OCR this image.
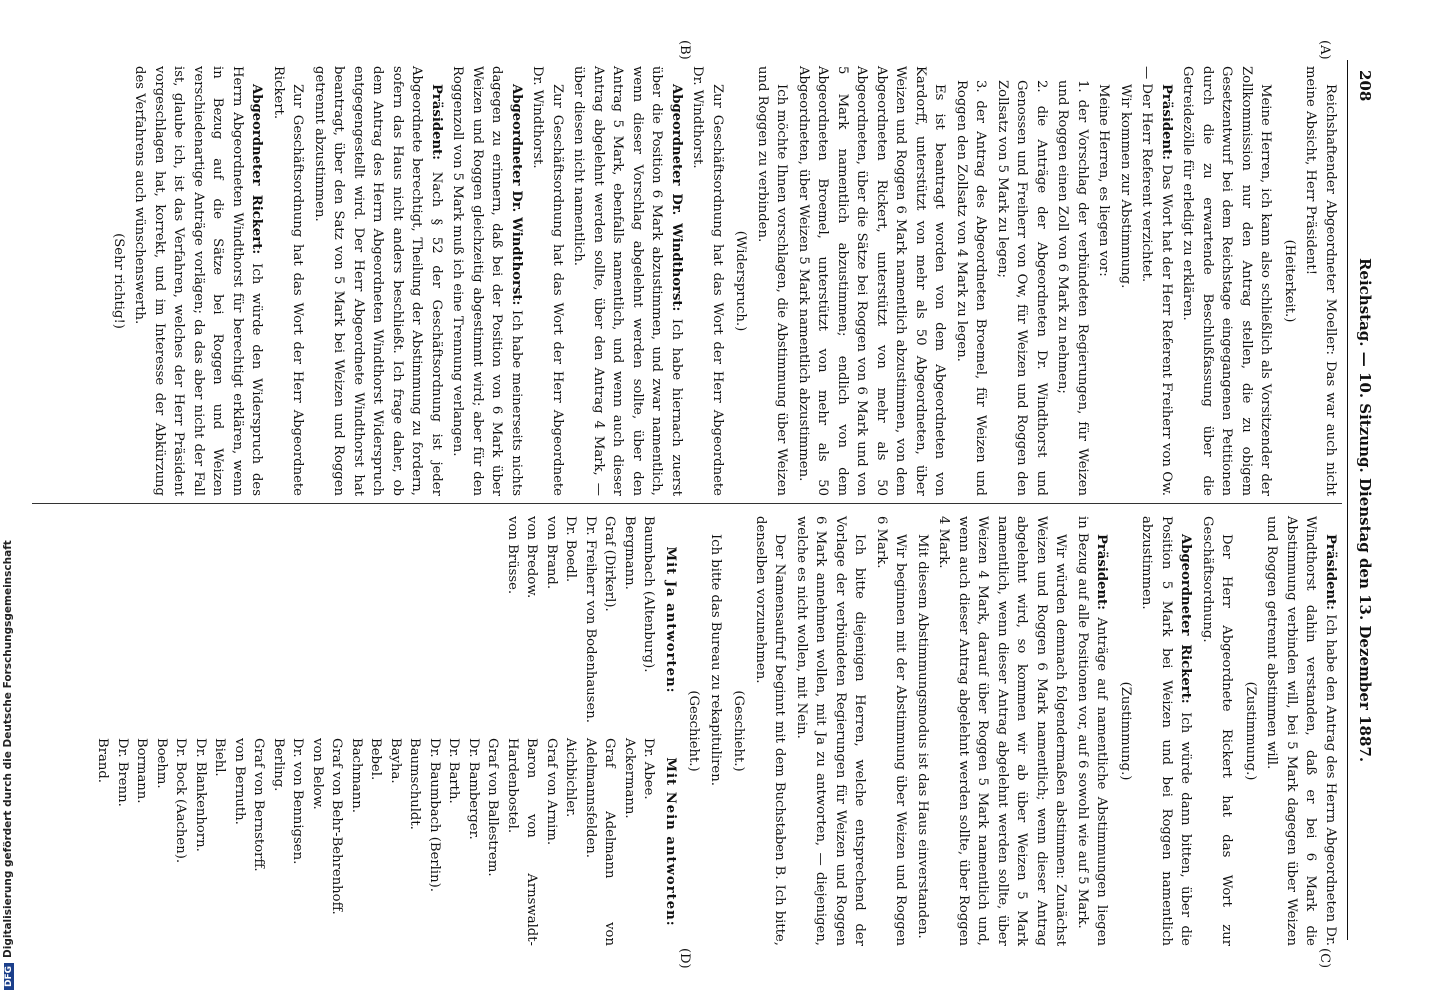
208
Reichstag. — 10. Sitzung. Dienstag den 13. Dezember 1887.
(A)
(B)
(C)
(D)

Reichshaftender Abgeordneter Moeller: Das war auch nicht meine Absicht, Herr Präsident!

(Heiterkeit.)

Meine Herren, ich kann also schließlich als Vorsitzender der Zollkommission nur den Antrag stellen, die zu obigem Gesetzentwurf bei dem Reichstage eingegangenen Petitionen durch die zu erwartende Beschlußfassung über die Getreidezölle für erledigt zu erklären.

Präsident: Das Wort hat der Herr Referent Freiherr von Ow. — Der Herr Referent verzichtet.

Wir kommen zur Abstimmung.

Meine Herren, es liegen vor:

1. der Vorschlag der verbündeten Regierungen, für Weizen und Roggen einen Zoll von 6 Mark zu nehmen;

2. die Anträge der Abgeordneten Dr. Windthorst und Genossen und Freiherr von Ow, für Weizen und Roggen den Zollsatz von 5 Mark zu legen;

3. der Antrag des Abgeordneten Broemel, für Weizen und Roggen den Zollsatz von 4 Mark zu legen.

Es ist beantragt worden von dem Abgeordneten von Kardorff, unterstützt von mehr als 50 Abgeordneten, über Weizen und Roggen 6 Mark namentlich abzustimmen, von dem Abgeordneten Rickert, unterstützt von mehr als 50 Abgeordneten, über die Sätze bei Roggen von 6 Mark und von 5 Mark namentlich abzustimmen; endlich von dem Abgeordneten Broemel, unterstützt von mehr als 50 Abgeordneten, über Weizen 5 Mark namentlich abzustimmen.

Ich möchte Ihnen vorschlagen, die Abstimmung über Weizen und Roggen zu verbinden.

(Widerspruch.)

Zur Geschäftsordnung hat das Wort der Herr Abgeordnete Dr. Windthorst.

Abgeordneter Dr. Windthorst: Ich habe hiernach zuerst über die Position 6 Mark abzustimmen, und zwar namentlich, wenn dieser Vorschlag abgelehnt werden sollte, über den Antrag 5 Mark, ebenfalls namentlich, und wenn auch dieser Antrag abgelehnt werden sollte, über den Antrag 4 Mark, — über diesen nicht namentlich.

Zur Geschäftsordnung hat das Wort der Herr Abgeordnete Dr. Windthorst.

Abgeordneter Dr. Windthorst: Ich habe meinerseits nichts dagegen zu erinnern, daß bei der Position von 6 Mark über Weizen und Roggen gleichzeitig abgestimmt wird; aber für den Roggenzoll von 5 Mark muß ich eine Trennung verlangen.

Präsident: Nach § 52 der Geschäftsordnung ist jeder Abgeordnete berechtigt, Theilung der Abstimmung zu fordern, sofern das Haus nicht anders beschließt. Ich frage daher, ob dem Antrag des Herrn Abgeordneten Windthorst Widerspruch entgegengestellt wird. Der Herr Abgeordnete Windthorst hat beantragt, über den Satz von 5 Mark bei Weizen und Roggen getrennt abzustimmen.

Zur Geschäftsordnung hat das Wort der Herr Abgeordnete Rickert.

Abgeordneter Rickert: Ich würde den Widerspruch des Herrn Abgeordneten Windthorst für berechtigt erklären, wenn in Bezug auf die Sätze bei Roggen und Weizen verschiedenartige Anträge vorlägen; da das aber nicht der Fall ist, glaube ich, ist das Verfahren, welches der Herr Präsident vorgeschlagen hat, korrekt, und im Interesse der Abkürzung des Verfahrens auch wünschenswerth.

(Sehr richtig!)

Präsident: Ich habe den Antrag des Herrn Abgeordneten Dr. Windthorst dahin verstanden, daß er bei 6 Mark die Abstimmung verbinden will, bei 5 Mark dagegen über Weizen und Roggen getrennt abstimmen will.

(Zustimmung.)

Der Herr Abgeordnete Rickert hat das Wort zur Geschäftsordnung.

Abgeordneter Rickert: Ich würde dann bitten, über die Position 5 Mark bei Weizen und bei Roggen namentlich abzustimmen.

(Zustimmung.)

Präsident: Anträge auf namentliche Abstimmungen liegen in Bezug auf alle Positionen vor, auf 6 sowohl wie auf 5 Mark.

Wir würden demnach folgendermaßen abstimmen: Zunächst Weizen und Roggen 6 Mark namentlich; wenn dieser Antrag abgelehnt wird, so kommen wir ab über Weizen 5 Mark namentlich, wenn dieser Antrag abgelehnt werden sollte, über Weizen 4 Mark, darauf über Roggen 5 Mark namentlich und, wenn auch dieser Antrag abgelehnt werden sollte, über Roggen 4 Mark.

Mit diesem Abstimmungsmodus ist das Haus einverstanden.

Wir beginnen mit der Abstimmung über Weizen und Roggen 6 Mark.

Ich bitte diejenigen Herren, welche entsprechend der Vorlage der verbündeten Regierungen für Weizen und Roggen 6 Mark annehmen wollen, mit Ja zu antworten, — diejenigen, welche es nicht wollen, mit Nein.

Der Namensaufruf beginnt mit dem Buchstaben B. Ich bitte, denselben vorzunehmen.

(Geschieht.)

Ich bitte das Bureau zu rekapituliren.

(Geschieht.)

Mit Ja antworten:
Baumbach (Altenburg).
Bergmann.
Graf (Dirkerl).
Dr. Freiherr von Bodenhausen.
Dr. Boedl.
von Brand.
von Bredow.
von Brüsse.
Mit Nein antworten:
Dr. Abee.
Ackermann.
Graf Adelmann von Adelmannsfelden.
Aichbichler.
Graf von Arnim.
Baron von Arnswaldt-Hardenbostel.
Graf von Ballestrem.
Dr. Bamberger.
Dr. Barth.
Dr. Baumbach (Berlin).
Baumschuldt.
Bayha.
Bebel.
Bachmann.
Graf von Behr-Behrenhoff.
von Below.
Dr. von Bennigsen.
Berling.
Graf von Bernstorff.
von Bernuth.
Biehl.
Dr. Blankenhorn.
Dr. Bock (Aachen).
Boehm.
Bormann.
Dr. Brenn.
Brand.
DFGDigitalisierung gefördert durch die Deutsche Forschungsgemeinschaft
